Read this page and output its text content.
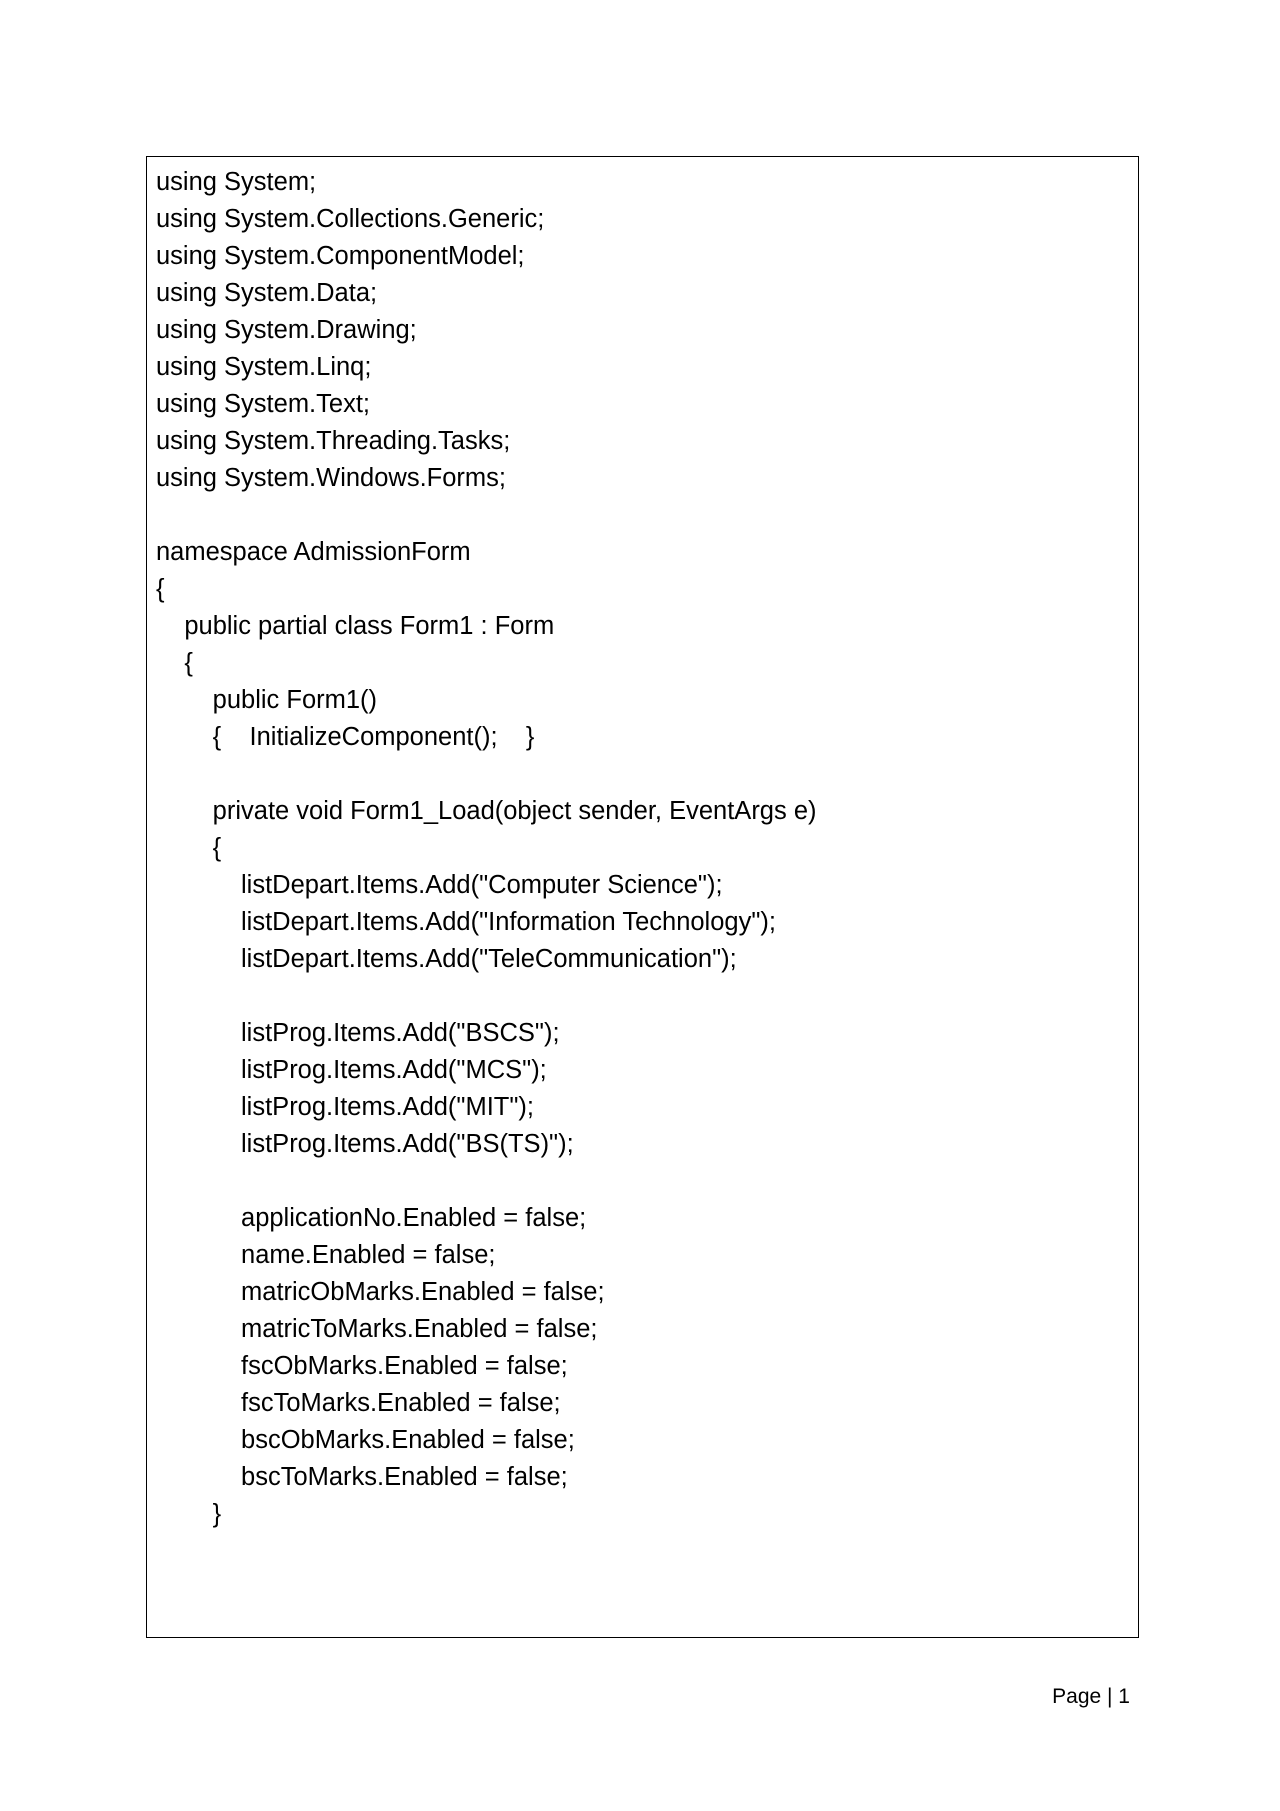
using System;
using System.Collections.Generic;
using System.ComponentModel;
using System.Data;
using System.Drawing;
using System.Linq;
using System.Text;
using System.Threading.Tasks;
using System.Windows.Forms;
namespace AdmissionForm
{
public partial class Form1 : Form
{
public Form1()
{    InitializeComponent();    }
private void Form1_Load(object sender, EventArgs e)
{
listDepart.Items.Add("Computer Science");
listDepart.Items.Add("Information Technology");
listDepart.Items.Add("TeleCommunication");
listProg.Items.Add("BSCS");
listProg.Items.Add("MCS");
listProg.Items.Add("MIT");
listProg.Items.Add("BS(TS)");
applicationNo.Enabled = false;
name.Enabled = false;
matricObMarks.Enabled = false;
matricToMarks.Enabled = false;
fscObMarks.Enabled = false;
fscToMarks.Enabled = false;
bscObMarks.Enabled = false;
bscToMarks.Enabled = false;
}
Page | 1
